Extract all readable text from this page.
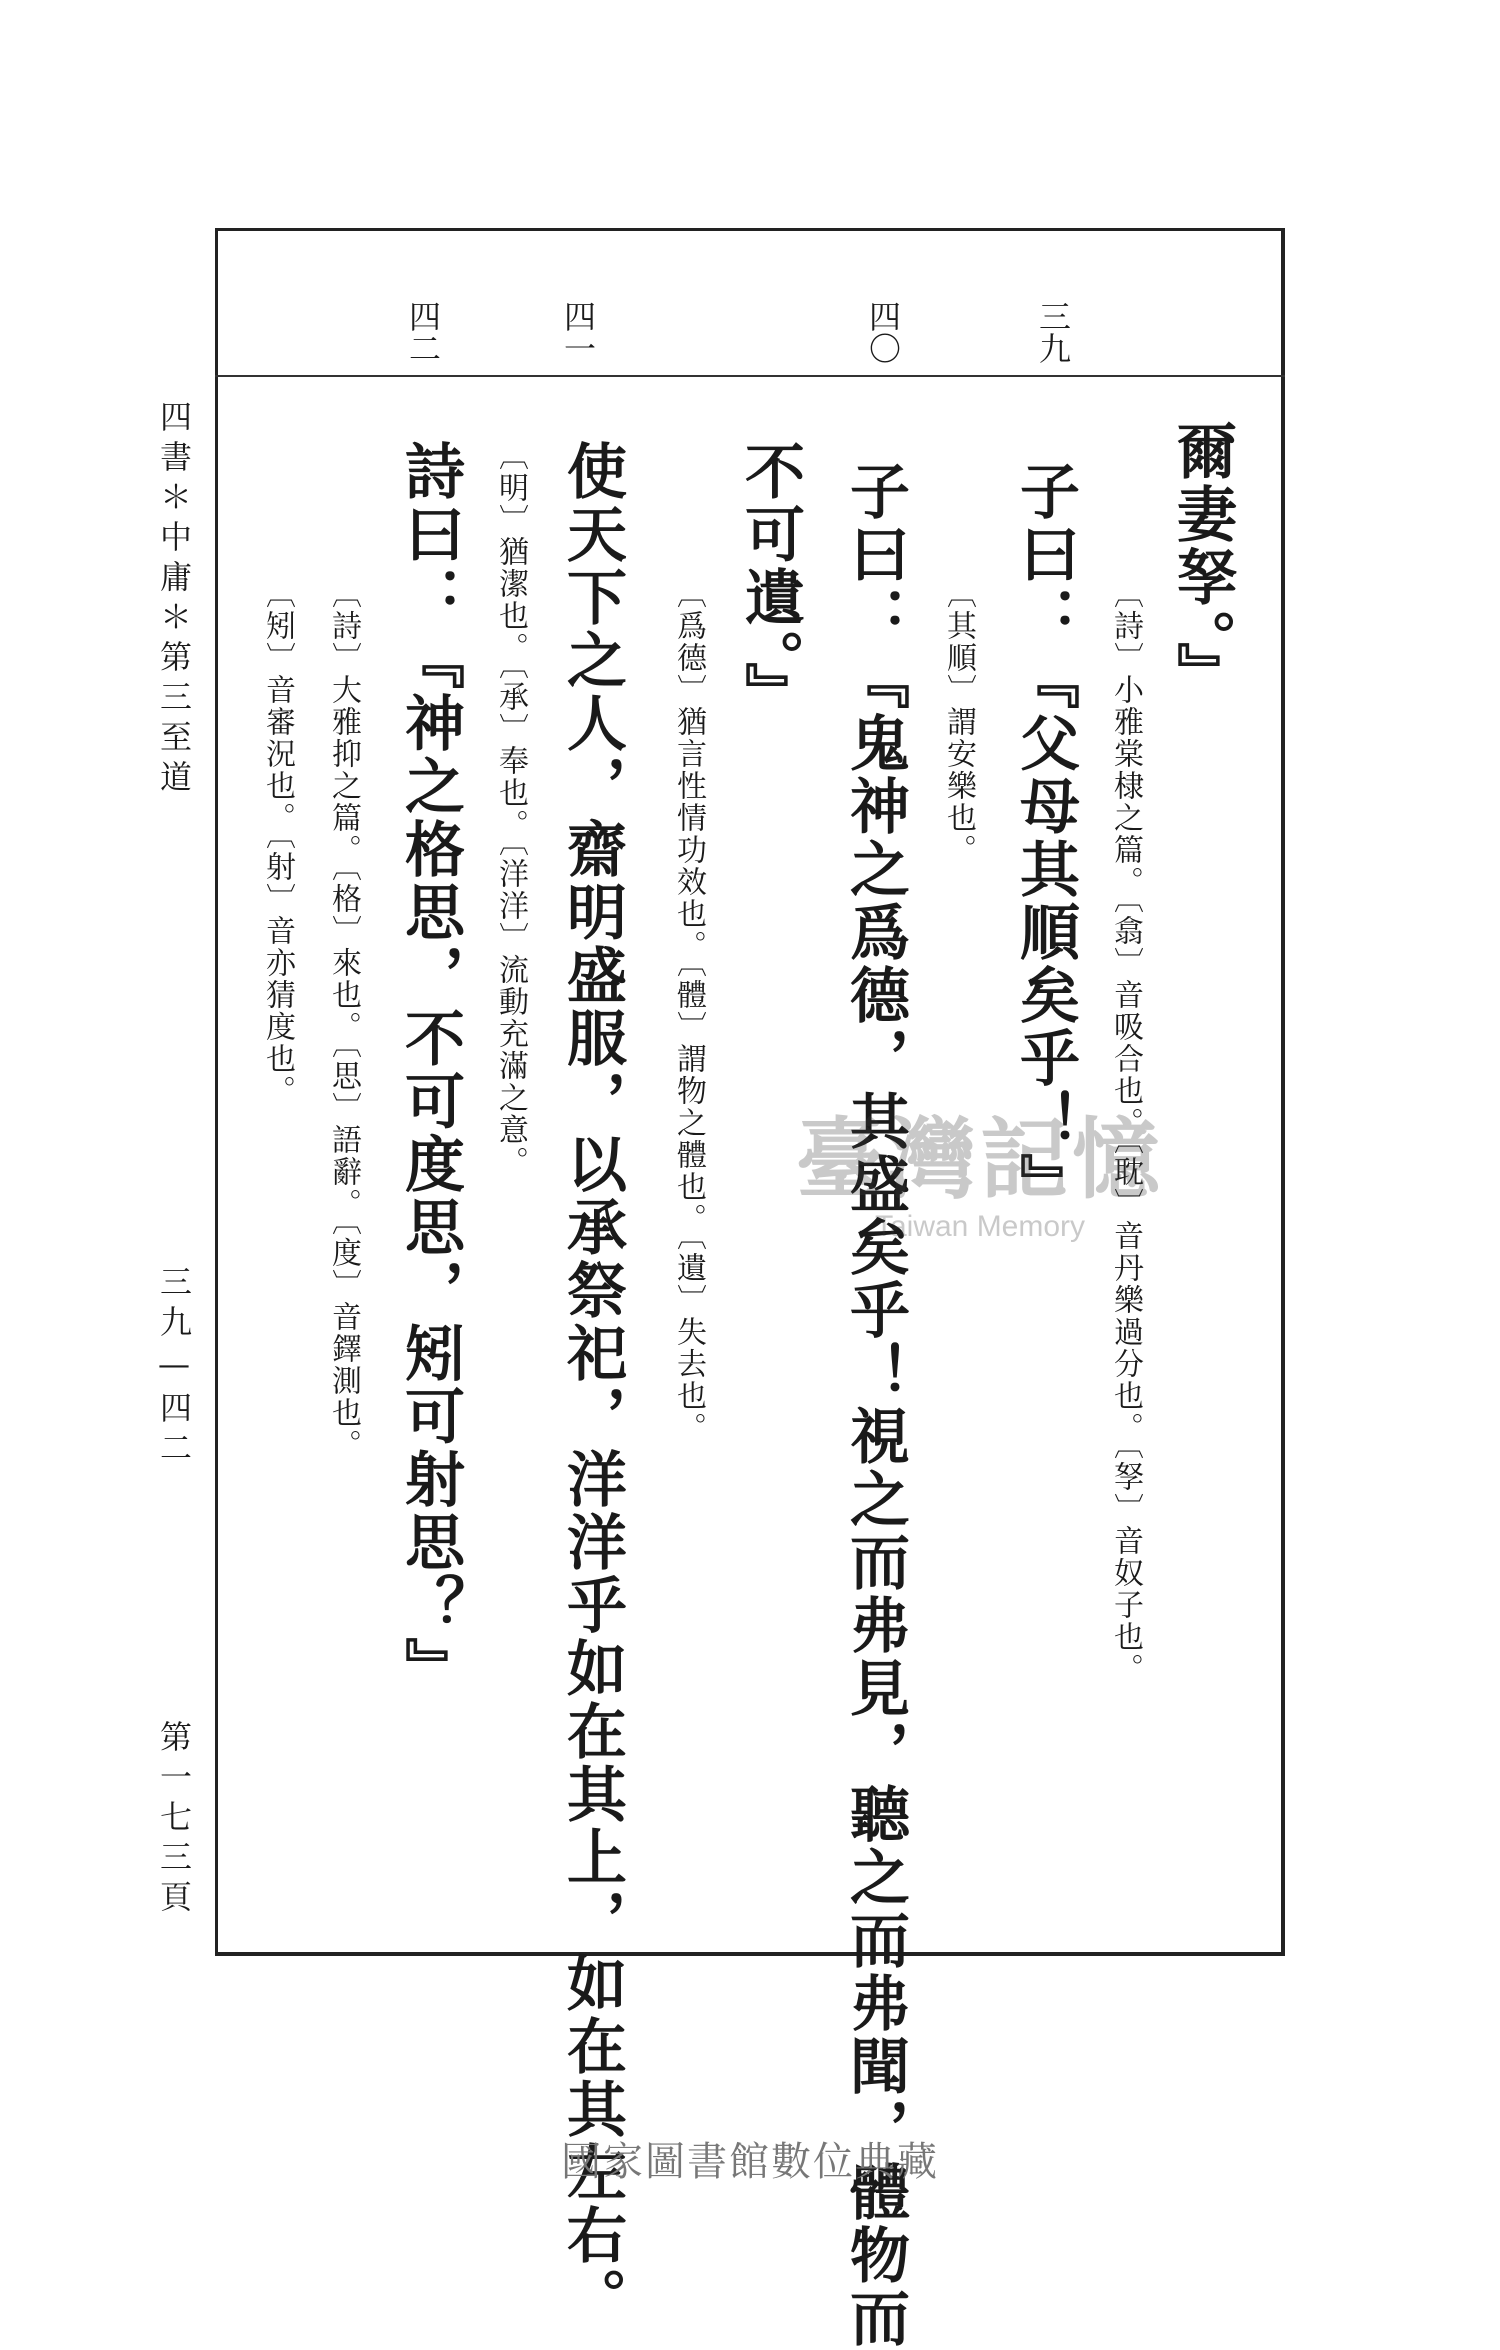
三九
四〇
四一
四二
爾妻孥。』
〔詩〕小雅棠棣之篇。〔翕〕音吸合也。〔耽〕音丹樂過分也。〔孥〕音奴子也。
子曰：『父母其順矣乎！』
〔其順〕謂安樂也。
子曰：『鬼神之爲德，其盛矣乎！視之而弗見，聽之而弗聞，體物而
不可遺。』
〔爲德〕猶言性情功效也。〔體〕謂物之體也。〔遺〕失去也。
使天下之人，齋明盛服，以承祭祀，洋洋乎如在其上，如在其左右。
〔明〕猶潔也。〔承〕奉也。〔洋洋〕流動充滿之意。
詩曰：『神之格思，不可度思，矧可射思？』
〔詩〕大雅抑之篇。〔格〕來也。〔思〕語辭。〔度〕音鐸測也。
〔矧〕音審況也。〔射〕音亦猜度也。
四書＊中庸＊第三至道
三九—四二
第一七三頁
臺灣記憶
Taiwan Memory
國家圖書館數位典藏
